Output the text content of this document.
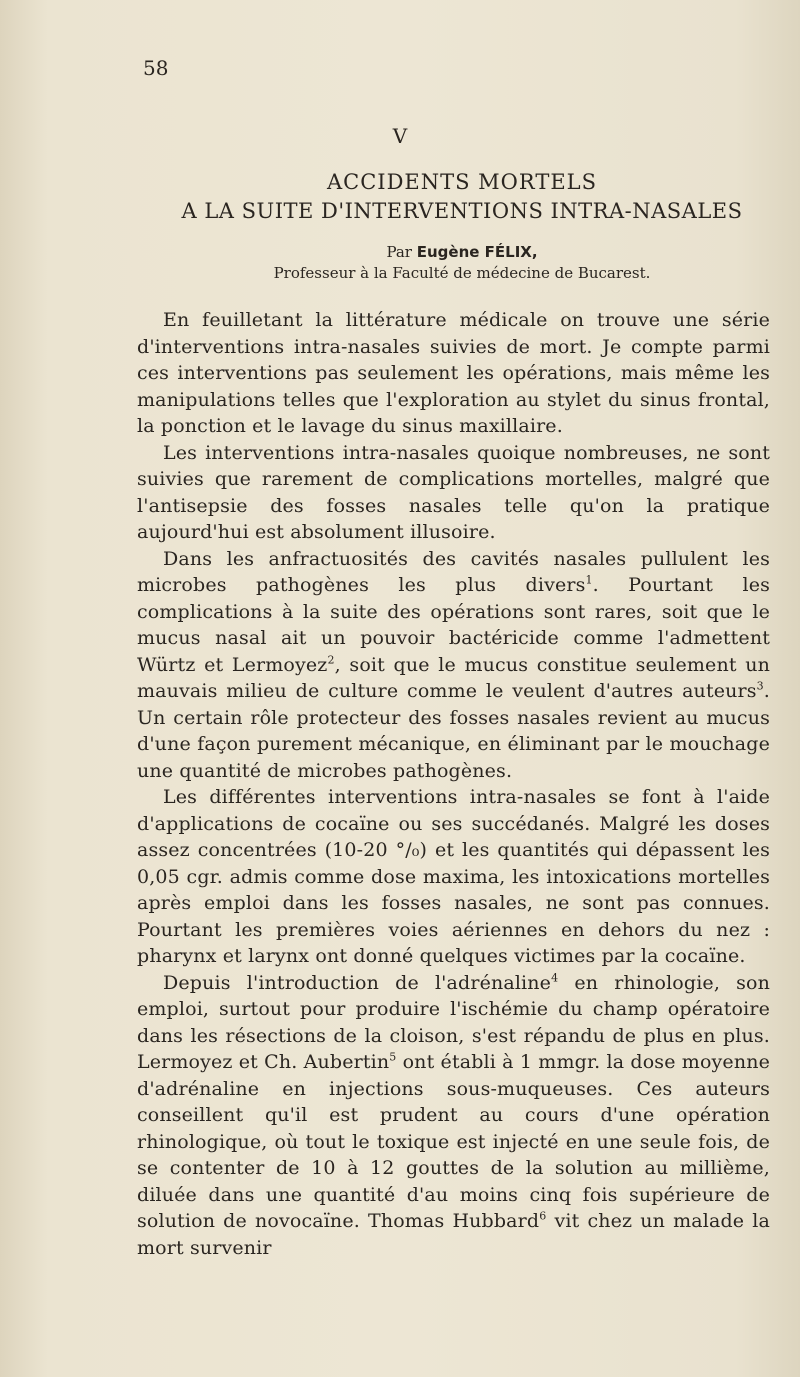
58
V
ACCIDENTS MORTELS
A LA SUITE D'INTERVENTIONS INTRA-NASALES
Par Eugène FÉLIX,
Professeur à la Faculté de médecine de Bucarest.

En feuilletant la littérature médicale on trouve une série d'interventions intra-nasales suivies de mort. Je compte parmi ces interventions pas seulement les opérations, mais même les manipulations telles que l'exploration au stylet du sinus frontal, la ponction et le lavage du sinus maxillaire.

Les interventions intra-nasales quoique nombreuses, ne sont suivies que rarement de complications mortelles, malgré que l'antisepsie des fosses nasales telle qu'on la pratique aujourd'hui est absolument illusoire.

Dans les anfractuosités des cavités nasales pullulent les microbes pathogènes les plus divers$^1$. Pourtant les complications à la suite des opérations sont rares, soit que le mucus nasal ait un pouvoir bactéricide comme l'admettent Würtz et Lermoyez$^2$, soit que le mucus constitue seulement un mauvais milieu de culture comme le veulent d'autres auteurs$^3$. Un certain rôle protecteur des fosses nasales revient au mucus d'une façon purement mécanique, en éliminant par le mouchage une quantité de microbes pathogènes.

Les différentes interventions intra-nasales se font à l'aide d'applications de cocaïne ou ses succédanés. Malgré les doses assez concentrées (10-20 °/₀) et les quantités qui dépassent les 0,05 cgr. admis comme dose maxima, les intoxications mortelles après emploi dans les fosses nasales, ne sont pas connues. Pourtant les premières voies aériennes en dehors du nez : pharynx et larynx ont donné quelques victimes par la cocaïne.

Depuis l'introduction de l'adrénaline$^4$ en rhinologie, son emploi, surtout pour produire l'ischémie du champ opératoire dans les résections de la cloison, s'est répandu de plus en plus. Lermoyez et Ch. Aubertin$^5$ ont établi à 1 mmgr. la dose moyenne d'adrénaline en injections sous-muqueuses. Ces auteurs conseillent qu'il est prudent au cours d'une opération rhinologique, où tout le toxique est injecté en une seule fois, de se contenter de 10 à 12 gouttes de la solution au millième, diluée dans une quantité d'au moins cinq fois supérieure de solution de novocaïne. Thomas Hubbard$^6$ vit chez un malade la mort survenir
